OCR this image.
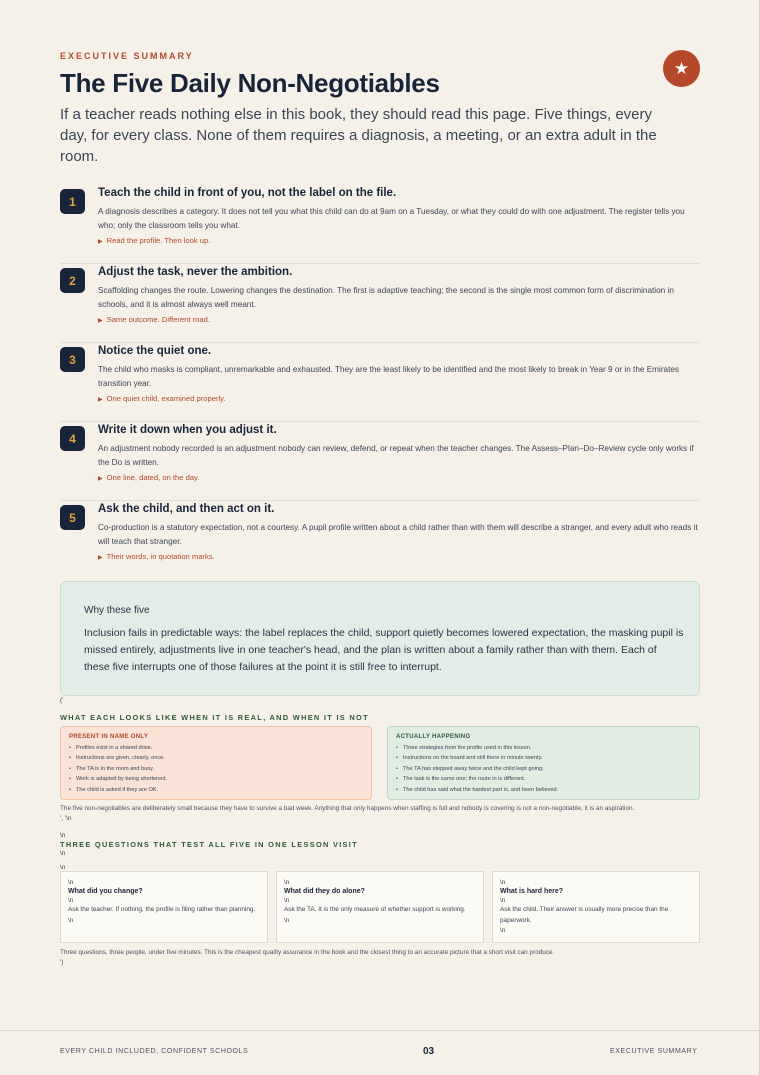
EXECUTIVE SUMMARY
★
The Five Daily Non-Negotiables

If a teacher reads nothing else in this book, they should read this page. Five things, every day, for every class. None of them requires a diagnosis, a meeting, or an extra adult in the room.

1
Teach the child in front of you, not the label on the file.
A diagnosis describes a category. It does not tell you what this child can do at 9am on a Tuesday, or what they could do with one adjustment. The register tells you who; only the classroom tells you what.
▶ Read the profile. Then look up.
2
Adjust the task, never the ambition.
Scaffolding changes the route. Lowering changes the destination. The first is adaptive teaching; the second is the single most common form of discrimination in schools, and it is almost always well meant.
▶ Same outcome. Different road.
3
Notice the quiet one.
The child who masks is compliant, unremarkable and exhausted. They are the least likely to be identified and the most likely to break in Year 9 or in the Emirates transition year.
▶ One quiet child, examined properly.
4
Write it down when you adjust it.
An adjustment nobody recorded is an adjustment nobody can review, defend, or repeat when the teacher changes. The Assess–Plan–Do–Review cycle only works if the Do is written.
▶ One line, dated, on the day.
5
Ask the child, and then act on it.
Co-production is a statutory expectation, not a courtesy. A pupil profile written about a child rather than with them will describe a stranger, and every adult who reads it will teach that stranger.
▶ Their words, in quotation marks.
Why these five
Inclusion fails in predictable ways: the label replaces the child, support quietly becomes lowered expectation, the masking pupil is missed entirely, adjustments live in one teacher's head, and the plan is written about a family rather than with them. Each of these five interrupts one of those failures at the point it is still free to interrupt.
('
WHAT EACH LOOKS LIKE WHEN IT IS REAL, AND WHEN IT IS NOT
PRESENT IN NAME ONLY
• Profiles exist in a shared drive.
• Instructions are given, clearly, once.
• The TA is in the room and busy.
• Work is adapted by being shortened.
• The child is asked if they are OK.
ACTUALLY HAPPENING
• Three strategies from the profile used in this lesson.
• Instructions on the board and still there in minute twenty.
• The TA has stepped away twice and the child kept going.
• The task is the same one; the route in is different.
• The child has said what the hardest part is, and been believed.
The five non-negotiables are deliberately small because they have to survive a bad week. Anything that only happens when staffing is full and nobody is covering is not a non-negotiable, it is an aspiration.
', '\n
\n
THREE QUESTIONS THAT TEST ALL FIVE IN ONE LESSON VISIT
\n
\n
\n
What did you change?
\n
Ask the teacher. If nothing, the profile is filing rather than planning.
\n
\n
What did they do alone?
\n
Ask the TA. It is the only measure of whether support is working.
\n
\n
What is hard here?
\n
Ask the child. Their answer is usually more precise than the paperwork.
\n
Three questions, three people, under five minutes. This is the cheapest quality assurance in the book and the closest thing to an accurate picture that a short visit can produce.
')
EVERY CHILD INCLUDED, CONFIDENT SCHOOLS	03	EXECUTIVE SUMMARY
